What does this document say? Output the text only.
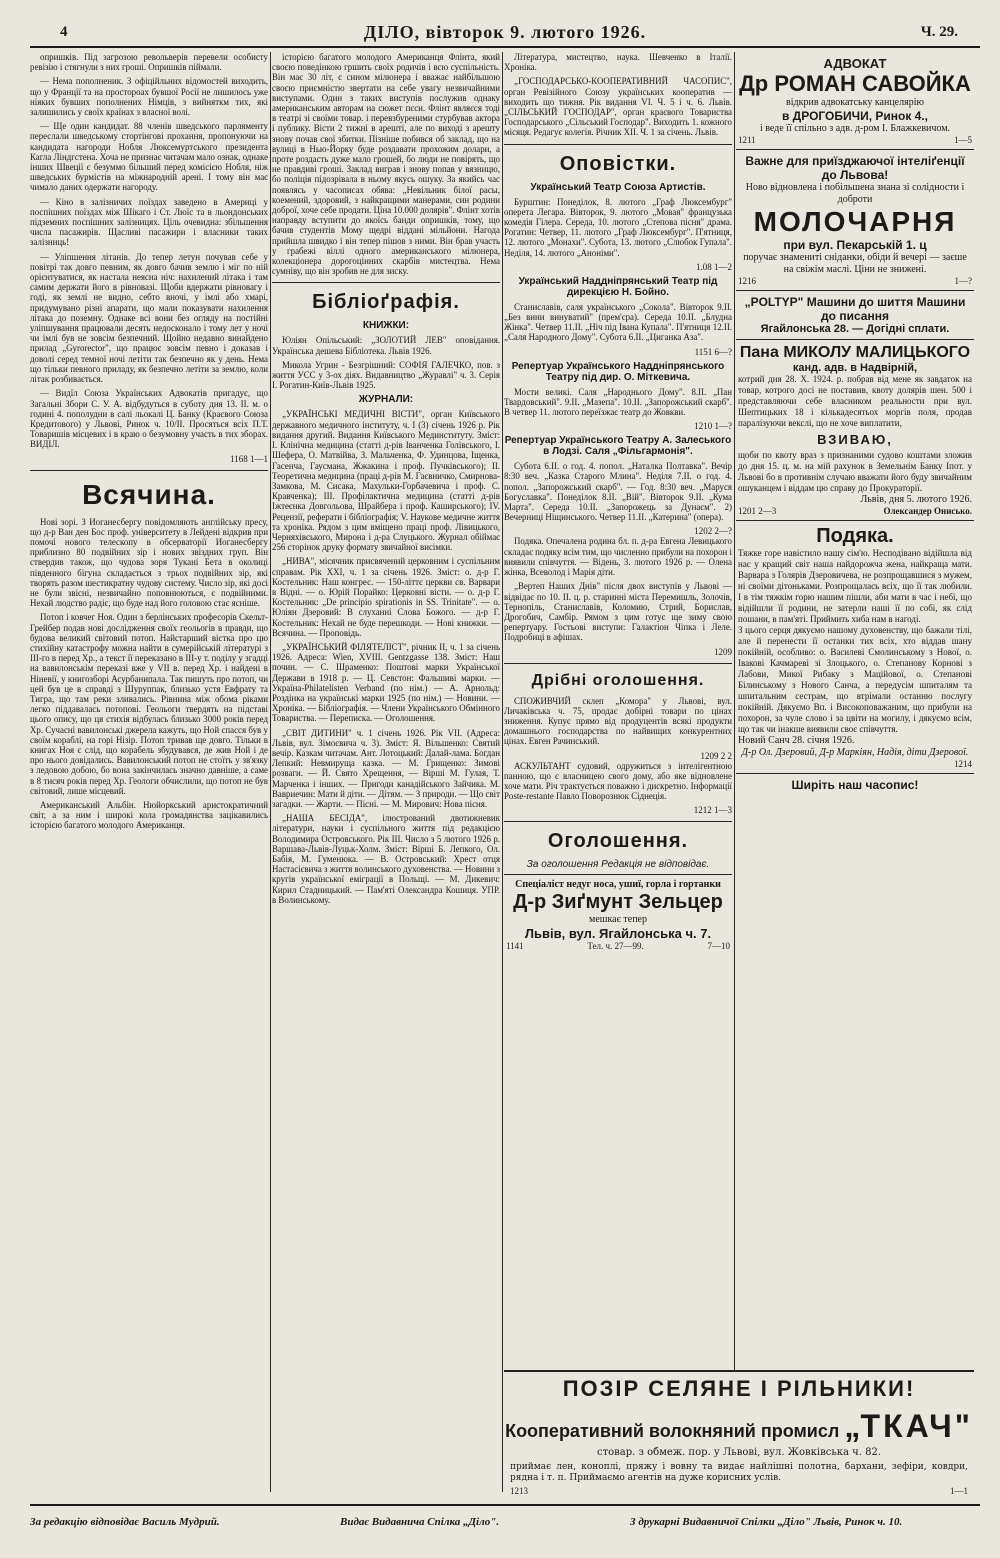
4	ДІЛО, вівторок 9. лютого 1926.	Ч. 29.

опришків. Під загрозою револьверів перевели особисту ревізію і стягнули з них гроші. Опришків піймали.

— Нема пополненик. З офіційльних відомостей виходить, що у Франції та на простороах бувшої Росії не лишилось уже ніяких бувших пополнених Німців, з вийняткм тих, які залишились у своїх країнах з власної волі.

— Ще один кандидат. 88 членів шведського парляменту переслали шведському стортінгові прохання, пропонуючи на кандидата нагороди Нобля Люксемуртського президента Кагла Ліндгстена. Хоча не признає читачам мало ознак, однаке інших Швеції є безуммо більший перед комісією Нобля, ніж шведських бурмістів на міжнародній арені. І тому він має чимало даних одержати нагороду.

— Кіно в залізничих поїздах заведено в Америці у поспішних поїздах між Шікаго і Ст. Люїс та в льондонських підземних поспішних залізницях. Ціль очевидна: збільшення числа пасажирів. Щасливі пасажири і власники таких залізниць!

— Уліпшення літанів. До тепер летун почував себе у повітрі так довго певним, як довго бачив землю і міг по ній орієнтуватися, як настала неясна ніч: нахилений літака і там самим держати його в рівновазі. Щоби вдержати рівновагу і годі, як землі не видно, себто вночі, у імлі або хмарі, придумувано різні апарати, що мали показувати нахилення літака до поземну. Однаке всі вони без огляду на постійні уліпшування працювали десять недосконало і тому лет у ночі чи імлі був не зовсім безпечний. Щойно недавно винайдено прилад „Gyrorector", що працює зовсім певно і доказав і доволі серед темної ночі летіти так безпечно як у день. Нема що тільки певного приладу, як безпечно летіти за землю, коли літак розбивається.

— Видїл Союза Українських Адвокатів пригадує, що Загальні Збори С. У. А. відбудуться в суботу дня 13. II. м. о годині 4. пополудни в салі льокалі Ц. Банку (Краєвого Союза Кредитового) у Львові, Ринок ч. 10/II. Просяться всіх П.Т. Товаришів місцевих і в краю о безумовну участь в тих зборах. ВИДІЛ.

1168 1—1
Всячина.

Нові зорі. З Иоганесбергу повідомляють англійську пресу, що д-р Ван ден Бос проф. університету в Лейдені відкрив при помочі нового телескопу в обсерваторії Иоганесбергу приблизно 80 подвійних зір і нових звіздних груп. Він ствердив також, що чудова зоря Тукані Бета в околиці південного бігуна складається з трьох подвійних зір, які творять разом шестикратну чудову систему. Число зір, які досі не були звісні, незвичайно поповнюються, є подвійними. Нехай людство радіє, що буде над його головою стає ясніше.

Потоп і ковчег Ноя. Один з берлінських професорів Скельт-Грейбер подав нові дослідження своїх геольогів в правди, що будова великий світовий потоп. Найстарший вістка про цю стихійну катастрофу можна найти в сумерійській літературі з III-го в перед Хр., а текст її переказано в III-у т. поділу у згадці на вавилонськім переказі вже у VII в. перед Хр. і найдені в Ніневії, у книгозборі Асурбанипала. Так пишуть про потоп, чи цей був це в справді з Шуруппак, близько устя Евфрату та Тигра, що там реки зливались. Рівнина між обома ріками легко піддавалась потопові. Геольоги твердять на підставі цього опису, що ця стихія відбулась близько 3000 років перед Хр. Сучасні вавилонські джерела кажуть, що Ной спасся був у своїм кораблі, на горі Нізір. Потоп тривав ще довго. Тільки в книгах Ноя є слід, що корабель збудувався, де жив Ной і де про нього довідались. Вавилонський потоп не стоїть у зв'язку з ледовою добою, бо вона закінчилась значно давніше, а саме в 8 тисяч років перед Хр. Геологи обчислили, що потоп не був світовий, лише місцевий.

Американський Альбін. Нюйоркський аристократичний світ, а за ним і широкі кола громадянства зацікавились історією багатого молодого Американця.

історією багатого молодого Американця Флінта, який своєю поведінкою гршить своїх родичів і всю суспільність. Він має 30 літ, є сином мілюнера і вважає найбільшою своєю приємністю звертати на себе увагу незвичайними виступами. Один з таких виступів послужив однаку американським авторам на сюжет пєси. Флінт являєся тоді в театрі зі своїми товар. і перевзбуреними стурбував актора і публику. Вісти 2 тижні в арешті, але по виході з арешту знову почав свої збитки. Пізніше побився об заклад, що на вулиці в Нью-Йорку буде роздавати прохожим долари, а проте роздасть дуже мало грошей, бо люди не повірять, що не правдиві гроші. Заклад виграв і знову попав у вязницю, бо поліція підозрівала в ньому якусь ошуку. За якийсь час появлясь у часописах обява: „Невільник білої расы, коемений, здоровий, з найкращими манерами, син родини доброї, хоче себе продати. Ціна 10.000 долярів". Флінт хотів направду вступити до якоїсь банди опришків, тому, що бачив студентів Мому щедрі віддані мільйони. Нагода прийшла швидко і він тепер пішов з ними. Він брав участь у грабежі віллі одного американського мілюнера, колекціонера дорогоцінних скарбів мистецтва. Нема сумніву, що він зробив не для зиску.

Бібліоґрафія.
КНИЖКИ:

Юліян Опільський: „ЗОЛОТИЙ ЛЕВ" оповідання. Українська дешева Бібліотека. Львів 1926.

Микола Угрин - Безгрішний: СОФІЯ ГАЛЕЧКО, пов. з життя УСС у 3-ох діях. Видавництво „Журавлі" ч. 3. Серія І. Рогатин-Київ-Львів 1925.

ЖУРНАЛИ:

„УКРАЇНСЬКІ МЕДИЧНІ ВІСТИ", орган Київського державного медичного інституту, ч. І (3) січень 1926 р. Рік видання другий. Видання Київського Мединституту. Зміст: І. Клінічна медицина (статті д-рів Іванченка Голівського, І. Шефера, О. Матвійва, З. Мальченка, Ф. Удинцова, Іщенка, Гасенча, Гаусмана, Жжакина і проф. Пучківського); II. Теоретична медицина (праці д-рів М. Гаєвничко, Смирнова-Замкова, М. Сисака, Махульки-Горбачевича і проф. С. Кравченка); III. Профілактична медицина (статті д-рів Іжтеєнка Довгольова, Шрайбера і проф. Каширського); IV. Рецензії, реферати і бібліографія; V. Наукове медичне життя та хроніка. Рядом з цим вміщено праці проф. Лівицького, Черняхівського, Мирона і д-ра Слуцького. Журнал обіймає 256 сторінок друку формату звичайної висімки.

„НИВА", місячник присвячений церковним і суспільним справам. Рік XXI, ч. 1 за січень 1926. Зміст: о. д-р Г. Костельник: Наш конгрес. — 150-літтє церкви св. Варвари в Відні. — о. Юрій Порайко: Церковні вісти. — о. д-р Г. Костельник: „De principio spirationis in SS. Trinitate". — о. Юліян Дзеровий: В слуханні Слова Божого. — д-р Г. Костельник: Нехай не буде перешкоди. — Нові книжки. — Всячина. — Проповідь.

„УКРАЇНСЬКИЙ ФІЛЯТЕЛІСТ", річник II, ч. 1 за січень 1926. Адреса: Wien, XVIII. Gentzgasse 138. Зміст: Наш почин. — С. Шраменко: Поштові марки Української Держави в 1918 р. — Ц. Севстон: Фальшиві марки. — Україна-Philatelisten Verband (по нім.) — А. Арнольд: Роздінка на українські марки 1925 (по нім.) — Новини. — Хроніка. — Бібліографія. — Члени Українського Обмінного Товариства. — Переписка. — Оголошення.

„СВІТ ДИТИНИ" ч. 1 січень 1926. Рік VII. (Адреса: Львів, вул. Зімоєвича ч. 3). Зміст: Я. Вільшенко: Святий вечір. Казкам читачам. Ант. Лотоцький: Далай-лама. Богдан Лепкий: Невмируща казка. — М. Грищенко: Зимові розваги. — Й. Свято Хрещення, — Вірші М. Гулая, Т. Марченка і інших. — Пригоди канадійського Зайчика. М. Вавриечин: Мати й діти. — Дітям. — З природи. — Що світ загадки. — Жарти. — Пісні. — М. Мирович: Нова пісня.

„НАША БЕСІДА", ілюстрований двотижневик літератури, науки і суспільного життя під редакцією Володимира Островського. Рік ІІІ. Число з 5 лютого 1926 р. Варшава-Львів-Луцьк-Холм. Зміст: Вірші Б. Лепкого, Ол. Бабія, М. Гуменюка. — В. Островський: Хрест отця Настасієвича з життя волинського духовенства. — Новини з кругів української еміграції в Польщі. — М. Дикевич: Кирил Стадницький. — Пам'яті Олександра Кошиця. УПР. в Волинському.

Література, мистецтво, наука. Шевченко в Італії. Хроніка.

„ГОСПОДАРСЬКО-КООПЕРАТИВНИЙ ЧАСОПИС", орган Ревізійного Союзу українських кооператив — виходить що тижня. Рік видання VI. Ч. 5 і ч. 6. Львів. „СІЛЬСЬКИЙ ГОСПОДАР", орган краєвого Товариства Господарського „Сільський Господар". Виходить 1. кожного місяця. Редагує колегія. Річник XII. Ч. 1 за січень. Львів.

Оповістки.
Український Театр Союза Артистів.

Бурштин: Понеділок, 8. лютого „Граф Люксембург" оперета Легара. Вівторок, 9. лютого „Мовая" французька комедія Гілера. Середа, 10. лютого „Степова пісня" драма. Рогатин: Четвер, 11. лютого „Граф Люксембург". П'ятниця, 12. лютого „Монахи". Субота, 13. лютого „Слюбок Гупала". Неділя, 14. лютого „Аноніми".

1.08 1—2
Український Наддніпрянський Театр під дирекцією Н. Бойно.

Станиславів, саля українського „Сокола". Вівторок 9.II. „Без вини винуватий" (прем'єра). Середа 10.II. „Блудна Жінка". Четвер 11.II. „Ніч під Івана Купала". П'ятниця 12.II. „Саля Народного Дому". Субота 6.II. „Циганка Аза".

1151 6—?
Репертуар Українського Наддніпрянського Театру під дир. О. Міткевича.

Мости великі. Саля „Народнього Дому". 8.II. „Пан Твардовський". 9.II. „Мазепа". 10.II. „Запорожський скарб". В четвер 11. лютого переїзжає театр до Жовкви.

1210 1—?
Репертуар Українського Театру А. Залеського в Лодзі. Саля „Фільгармонія".

Субота 6.II. о год. 4. попол. „Наталка Полтавка". Вечір 8:30 веч. „Казка Старого Млина". Неділя 7.II. о год. 4. попол. „Запорожський скарб". — Год. 8:30 веч. „Маруся Богуславка". Понеділок 8.II. „Вій". Вівторок 9.II. „Кума Марта". Середа 10.II. „Запорожець за Дунаєм". 2) Вечерниці Ніщинського. Четвер 11.II. „Катерина" (опера).

1202 2—?

Подяка. Опечалена родина бл. п. д-ра Евгена Левицького складає подяку всім тим, що численно прибули на похорон і виявили співчуття. — Відень, 3. лютого 1926 р. — Олена жінка, Всеволод і Марія діти.

„Вертеп Наших Днів" після двох виступів у Львові — відвідає по 10. II. ц. р. старинні міста Перемишль, Золочів, Тернопіль, Станиславів, Коломию, Стрий, Борислав, Дрогобич, Самбір. Рямом з цим готує ще зиму свою репертуару. Гостьові виступи: Галактіон Чіпка і Леле. Подробиці в афішах.

1209
Дрібні оголошення.

СПОЖИВЧИЙ склеп „Комора" у Львові, вул. Личаківська ч. 75, продає добірні товари по цінах зниження. Купує прямо від продуцентів всякі продукти домашнього господарства по найвищих конкурентних цінах. Евген Рачинський.

1209 2 2

АСКУЛЬТАНТ судовий, одружиться з інтелігентною панною, що є власницею свого дому, або яке відновлене хоче мати. Річ трактується поважно і дискретно. Інформації Poste-restante Павло Поворознюк Сіднеція.

1212 1—3
Оголошення.
За оголошення Редакція не відповідає.
Спеціаліст недуг носа, ушиї, горла і гортанки
Д-р Зиґмунт Зельцер
мешкає тепер
Львів, вул. Ягайлонська ч. 7.
1141	Тел. ч. 27—99.	7—10
АДВОКАТ
Др РОМАН САВОЙКА
відкрив адвокатську канцелярію
в ДРОГОБИЧИ, Ринок 4.,
і веде її спільно з адв. д-ром І. Блажкевичом.
1211	1—5
Важне для приїзджаючої інтеліґенції до Львова!
Ново відновлена і побільшена знана зі солідности і доброти
МОЛОЧАРНЯ
при вул. Пекарській 1. ц
поручає знамениті сніданки, обіди й вечері — заєше на свіжім маслі. Ціни не знижені.
1216	1—?
„POLTYP" Машини до шиття Машини до писання
Ягайлонська 28. — Догідні сплати.
Пана МИКОЛУ МАЛИЦЬКОГО
канд. адв. в Надвірній,
котрий дня 28. X. 1924. р. побрав від мене як завдаток на товар, котрого досі не поставив, квоту долярів шен. 500 і представляючи себе власником реальности при вул. Шептицьких 18 і кількадесятьох моргів поля, продав паралізуючи векслі, що не хоче виплатити,
ВЗИВАЮ,
щоби по квоту враз з признаними судово коштами зложив до дня 15. ц. м. на мій рахунок в Земельнім Банку Іпот. у Львові бо в противнім случаю вважати його буду звичайним ошуканцем і віддам цю справу до Прокураторії.
Львів, дня 5. лютого 1926.
1201 2—3	Олександер Онисько.
Подяка.
Тяжке горе навістило нашу сім'ю. Несподівано відійшла від нас у кращий світ наша найдорожча жена, найкраща мати. Варвара з Голярів Дзеровичева, не розпрощавшися з мужем, ні своїми дітоньками. Розпрощалась всіх, що її так любили. І в тім тяжкім горю нашим пішли, аби мати в час і небі, що відійшли її родини, не затерли наші її по собі, як слід пошани, в пам'яті. Приймить хиба нам в нагоді.
З цього серця дякуємо нашому духовенству, що бажали тілі, але й перенести її останки тих всіх, хто віддав шану покійній, особливо: о. Василеві Смолинському з Нової, о. Івакові Качмареві зі Злоцького, о. Степанову Корнові з Лабови, Микої Рибаку з Маційової, о. Степанові Білинському з Нового Санча, а передусім шпиталям та шпитальним сестрам, що втрімали останню послугу покійній. Дякуємо Вп. і Високоповажаним, що прибули на похорон, за чуле слово і за цвіти на могилу, і дякуємо всім, що так чи інакше виявили своє співчуття.
Новий Санч 28. січня 1926.
Д-р Ол. Дзеровий, Д-р Маркіян, Надія, діти Дзерової.
1214
Ширіть наш часопис!
ПОЗІР СЕЛЯНЕ І РІЛЬНИКИ!
Кооперативний волокняний промисл „ТКАЧ"
стовар. з обмеж. пор. у Львові, вул. Жовківська ч. 82.
приймає лен, коноплі, пряжу і вовну та видає найлішні полотна, бархани, зефіри, ковдри, рядна і т. п. Приймаємо агентів на дуже корисних услів.
1213	1—1
За редакцію відповідає Василь Мудрий.	Видає Видавнича Спілка „Діло".	З друкарні Видавничої Спілки „Діло" Львів, Ринок ч. 10.
